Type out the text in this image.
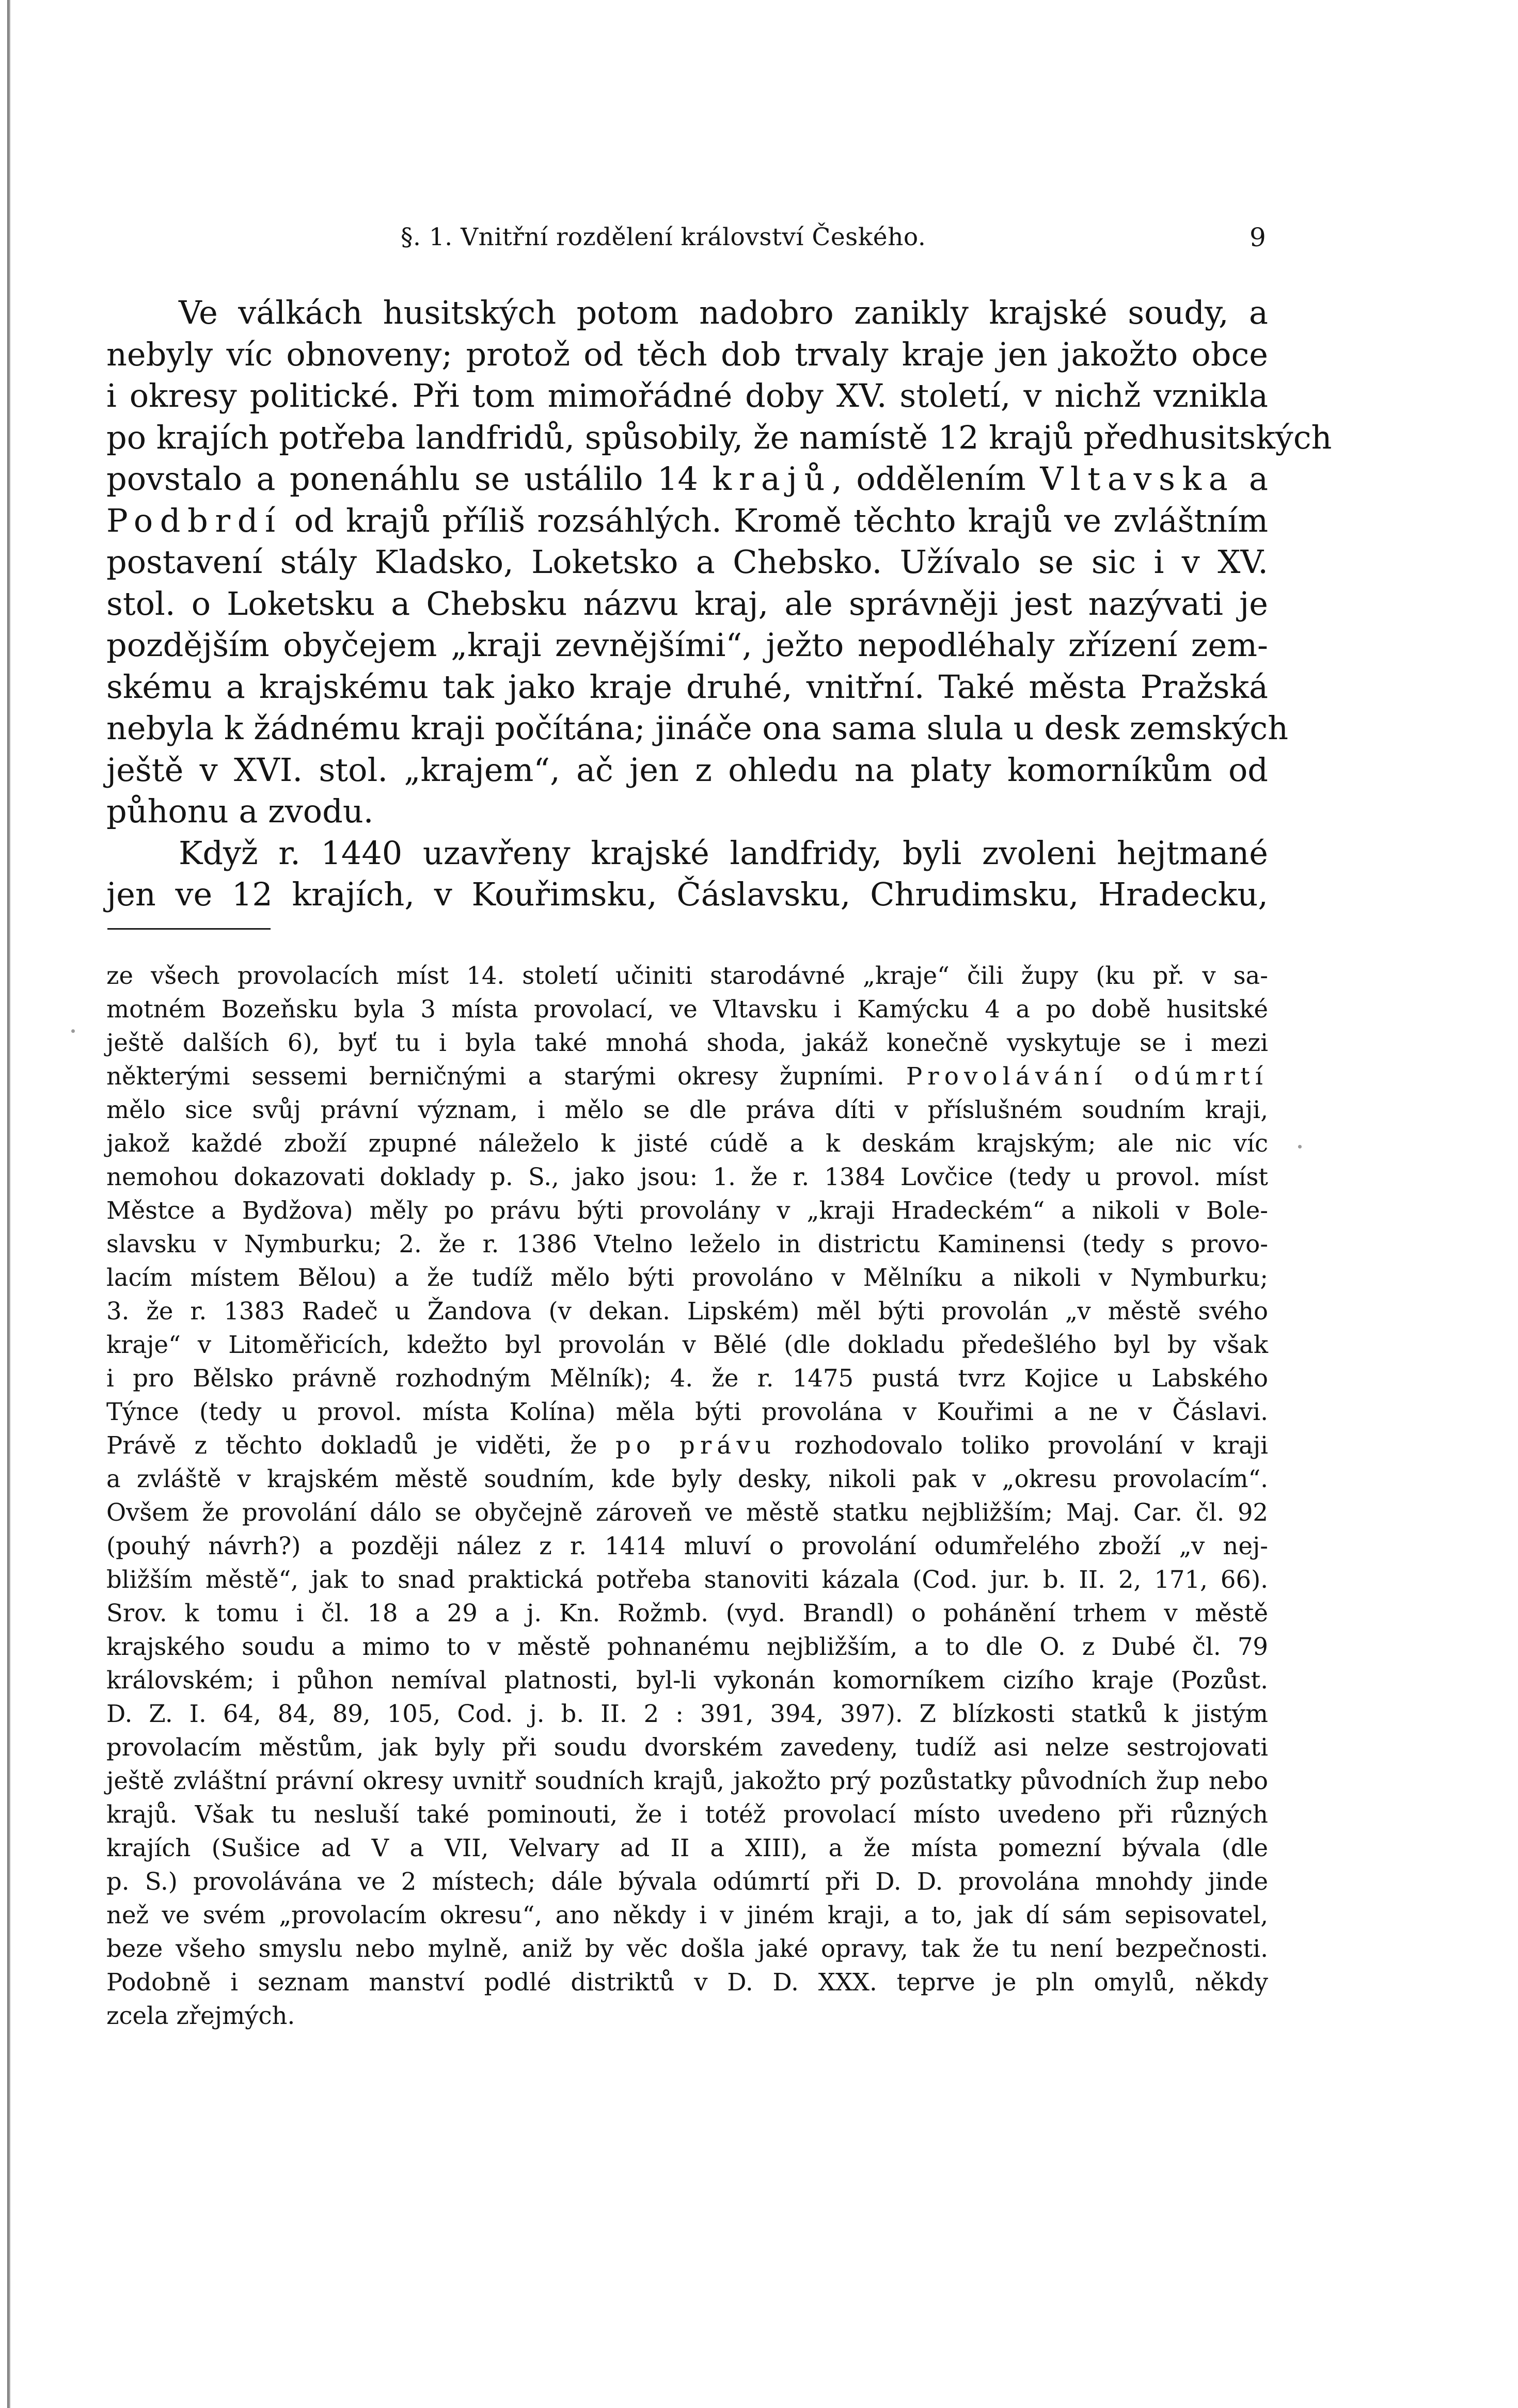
§. 1. Vnitřní rozdělení království Českého.	9
Ve válkách husitských potom nadobro zanikly krajské soudy, a
nebyly víc obnoveny; protož od těch dob trvaly kraje jen jakožto obce
i okresy politické. Při tom mimořádné doby XV. století, v nichž vznikla
po krajích potřeba landfridů, spůsobily, že namístě 12 krajů předhusitských
povstalo a ponenáhlu se ustálilo 14 krajů, oddělením Vltavska a
Podbrdí od krajů příliš rozsáhlých. Kromě těchto krajů ve zvláštním
postavení stály Kladsko, Loketsko a Chebsko. Užívalo se sic i v XV.
stol. o Loketsku a Chebsku názvu kraj, ale správněji jest nazývati je
pozdějším obyčejem „kraji zevnějšími“, ježto nepodléhaly zřízení zem-
skému a krajskému tak jako kraje druhé, vnitřní. Také města Pražská
nebyla k žádnému kraji počítána; jináče ona sama slula u desk zemských
ještě v XVI. stol. „krajem“, ač jen z ohledu na platy komorníkům od
půhonu a zvodu.
Když r. 1440 uzavřeny krajské landfridy, byli zvoleni hejtmané
jen ve 12 krajích, v Kouřimsku, Čáslavsku, Chrudimsku, Hradecku,
ze všech provolacích míst 14. století učiniti starodávné „kraje“ čili župy (ku př. v sa-
motném Bozeňsku byla 3 místa provolací, ve Vltavsku i Kamýcku 4 a po době husitské
ještě dalších 6), byť tu i byla také mnohá shoda, jakáž konečně vyskytuje se i mezi
některými sessemi berničnými a starými okresy župními. Provolávání odúmrtí
mělo sice svůj právní význam, i mělo se dle práva díti v příslušném soudním kraji,
jakož každé zboží zpupné náleželo k jisté cúdě a k deskám krajským; ale nic víc
nemohou dokazovati doklady p. S., jako jsou: 1. že r. 1384 Lovčice (tedy u provol. míst
Městce a Bydžova) měly po právu býti provolány v „kraji Hradeckém“ a nikoli v Bole-
slavsku v Nymburku; 2. že r. 1386 Vtelno leželo in districtu Kaminensi (tedy s provo-
lacím místem Bělou) a že tudíž mělo býti provoláno v Mělníku a nikoli v Nymburku;
3. že r. 1383 Radeč u Žandova (v dekan. Lipském) měl býti provolán „v městě svého
kraje“ v Litoměřicích, kdežto byl provolán v Bělé (dle dokladu předešlého byl by však
i pro Bělsko právně rozhodným Mělník); 4. že r. 1475 pustá tvrz Kojice u Labského
Týnce (tedy u provol. místa Kolína) měla býti provolána v Kouřimi a ne v Čáslavi.
Právě z těchto dokladů je viděti, že po právu rozhodovalo toliko provolání v kraji
a zvláště v krajském městě soudním, kde byly desky, nikoli pak v „okresu provolacím“.
Ovšem že provolání dálo se obyčejně zároveň ve městě statku nejbližším; Maj. Car. čl. 92
(pouhý návrh?) a později nález z r. 1414 mluví o provolání odumřelého zboží „v nej-
bližším městě“, jak to snad praktická potřeba stanoviti kázala (Cod. jur. b. II. 2, 171, 66).
Srov. k tomu i čl. 18 a 29 a j. Kn. Rožmb. (vyd. Brandl) o pohánění trhem v městě
krajského soudu a mimo to v městě pohnanému nejbližším, a to dle O. z Dubé čl. 79
královském; i půhon nemíval platnosti, byl-li vykonán komorníkem cizího kraje (Pozůst.
D. Z. I. 64, 84, 89, 105, Cod. j. b. II. 2 : 391, 394, 397). Z blízkosti statků k jistým
provolacím městům, jak byly při soudu dvorském zavedeny, tudíž asi nelze sestrojovati
ještě zvláštní právní okresy uvnitř soudních krajů, jakožto prý pozůstatky původních žup nebo
krajů. Však tu nesluší také pominouti, že i totéž provolací místo uvedeno při různých
krajích (Sušice ad V a VII, Velvary ad II a XIII), a že místa pomezní bývala (dle
p. S.) provolávána ve 2 místech; dále bývala odúmrtí při D. D. provolána mnohdy jinde
než ve svém „provolacím okresu“, ano někdy i v jiném kraji, a to, jak dí sám sepisovatel,
beze všeho smyslu nebo mylně, aniž by věc došla jaké opravy, tak že tu není bezpečnosti.
Podobně i seznam manství podlé distriktů v D. D. XXX. teprve je pln omylů, někdy
zcela zřejmých.
